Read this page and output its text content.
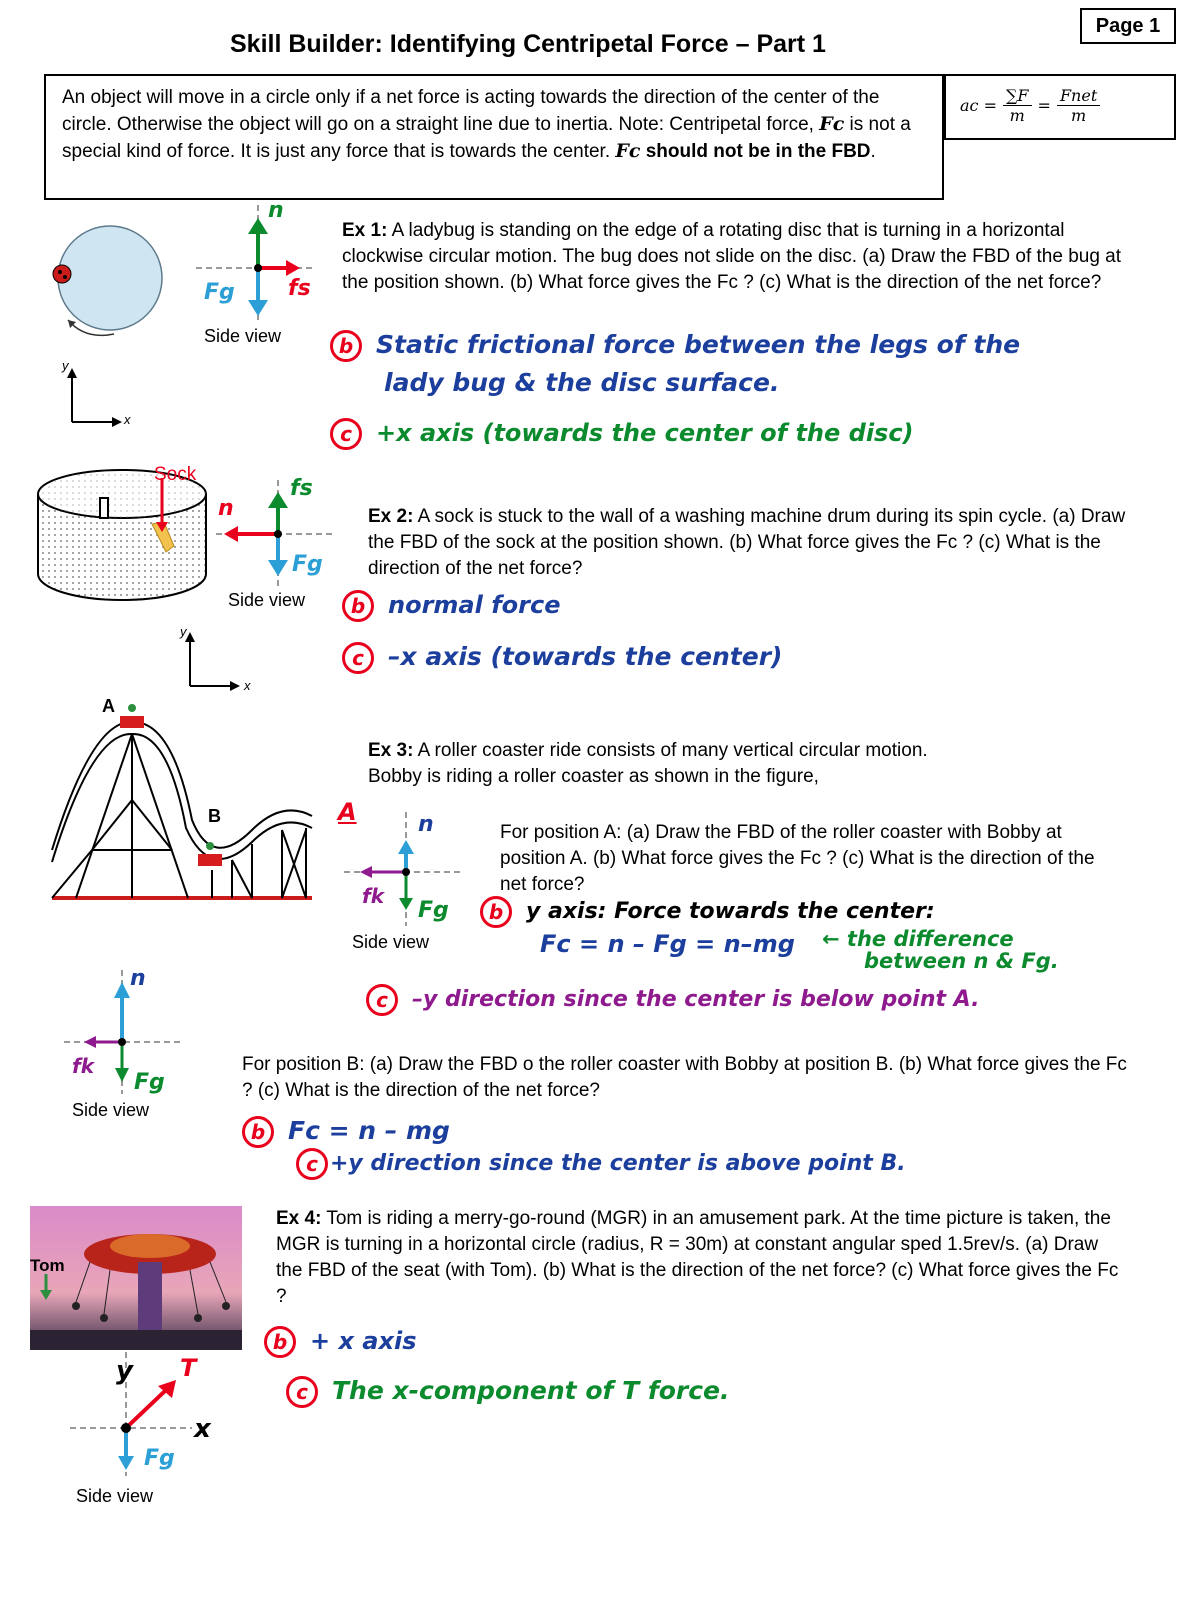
Page 1
Skill Builder: Identifying Centripetal Force – Part 1
An object will move in a circle only if a net force is acting towards the direction of the center of the circle. Otherwise the object will go on a straight line due to inertia. Note: Centripetal force, Fc is not a special kind of force. It is just any force that is towards the center. Fc should not be in the FBD.
ac = $\frac{\sum F}{m} = \frac{\text{Fnet}}{m}$
n
Fg fs
Side view
y
x
Ex 1: A ladybug is standing on the edge of a rotating disc that is turning in a horizontal clockwise circular motion. The bug does not slide on the disc. (a) Draw the FBD of the bug at the position shown. (b) What force gives the Fc ? (c) What is the direction of the net force?
b Static frictional force between the legs of the
lady bug & the disc surface.
c +x axis (towards the center of the disc)
Sock
n
fs
Fg
Side view
y
x
Ex 2: A sock is stuck to the wall of a washing machine drum during its spin cycle. (a) Draw the FBD of the sock at the position shown. (b) What force gives the Fc ? (c) What is the direction of the net force?
b normal force
c –x axis (towards the center)
A
B
Ex 3: A roller coaster ride consists of many vertical circular motion.
Bobby is riding a roller coaster as shown in the figure,
A	n
fk
Fg
Side view
For position A: (a) Draw the FBD of the roller coaster with Bobby at position A. (b) What force gives the Fc ? (c) What is the direction of the net force?
b y axis: Force towards the center:
Fc = n – Fg = n–mg ← the difference
between n & Fg.
c –y direction since the center is below point A.
n
fk
Fg
Side view
For position B: (a) Draw the FBD o the roller coaster with Bobby at position B. (b) What force gives the Fc ? (c) What is the direction of the net force?
b Fc = n – mg
c +y direction since the center is above point B.
Tom
y
x
T
Fg
Side view
Ex 4: Tom is riding a merry-go-round (MGR) in an amusement park. At the time picture is taken, the MGR is turning in a horizontal circle (radius, R = 30m) at constant angular sped 1.5rev/s. (a) Draw the FBD of the seat (with Tom). (b) What is the direction of the net force? (c) What force gives the Fc ?
b + x axis
c The x-component of T force.
